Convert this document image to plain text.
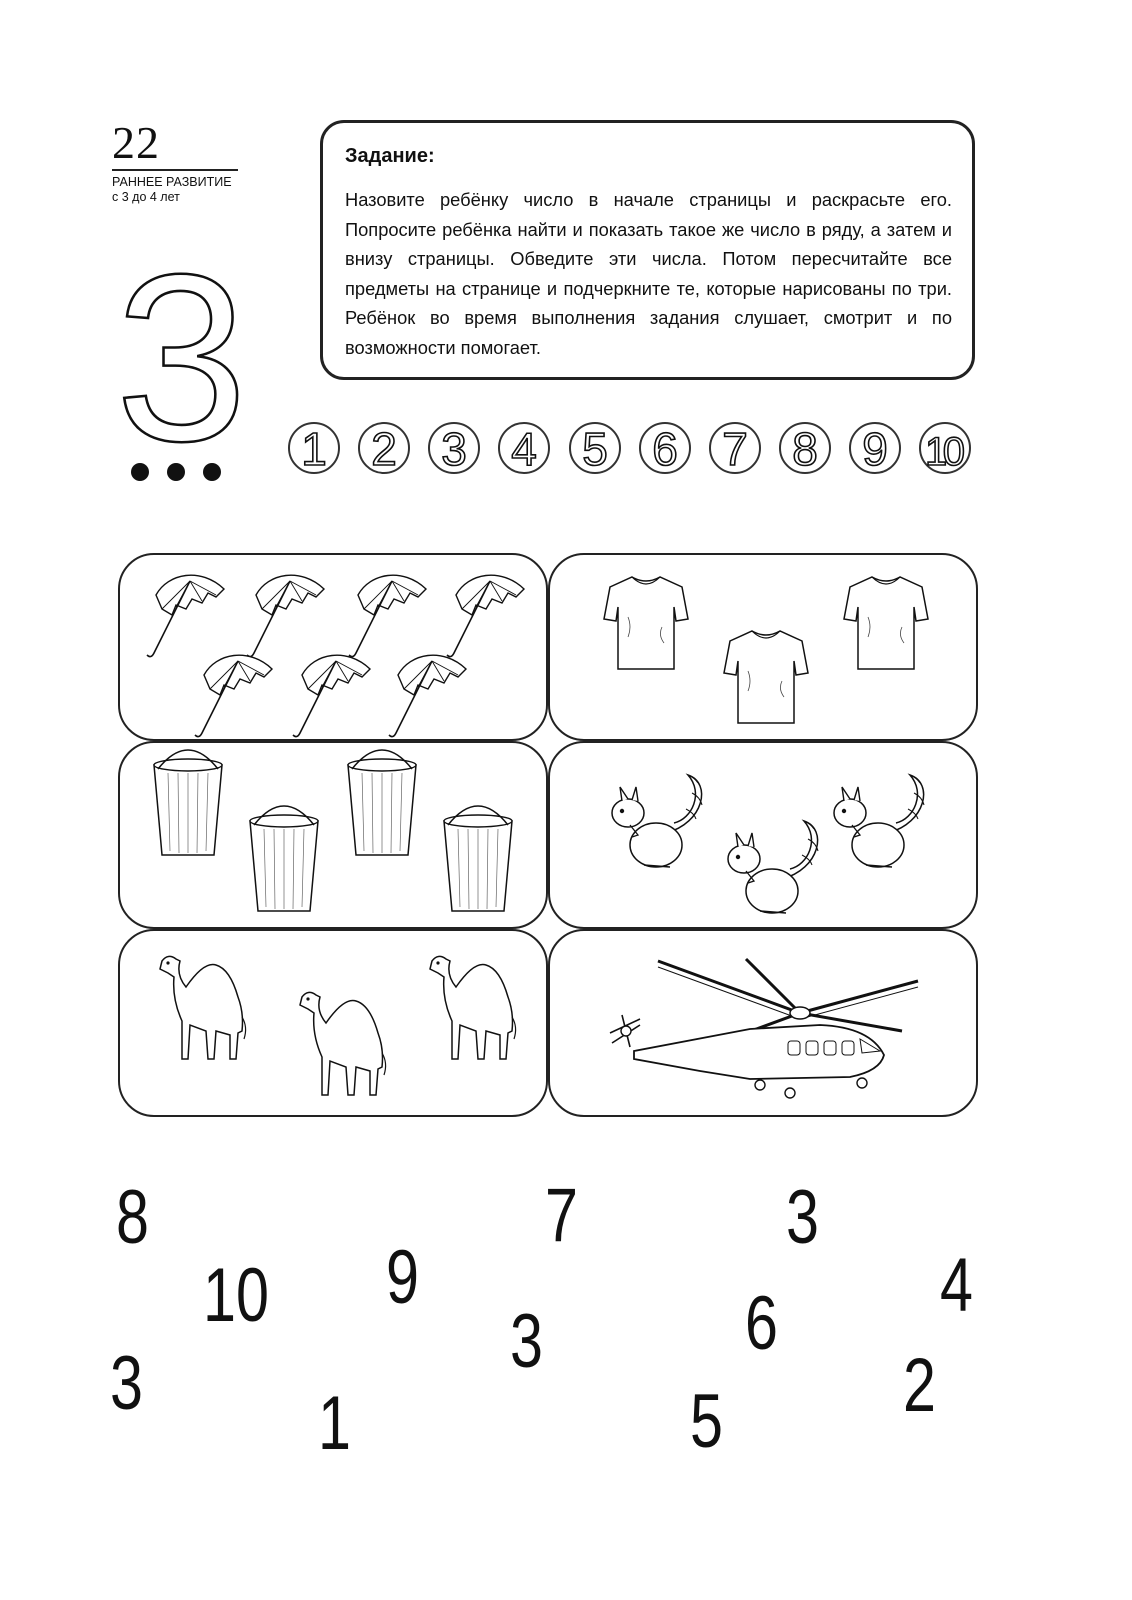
22
РАННЕЕ РАЗВИТИЕ
с 3 до 4 лет
3
Задание:
Назовите ребёнку число в начале страницы и раскрасьте его. Попросите ребёнка найти и показать такое же число в ряду, а затем и внизу страницы. Обведите эти числа. Потом пересчитайте все предметы на странице и подчеркните те, которые нарисованы по три. Ребёнок во время выполнения задания слушает, смотрит и по возможности помогает.
1 2 3 4 5 6 7 8 9 10
8	7	3
10 9	4
3	6
3	2
1	5
